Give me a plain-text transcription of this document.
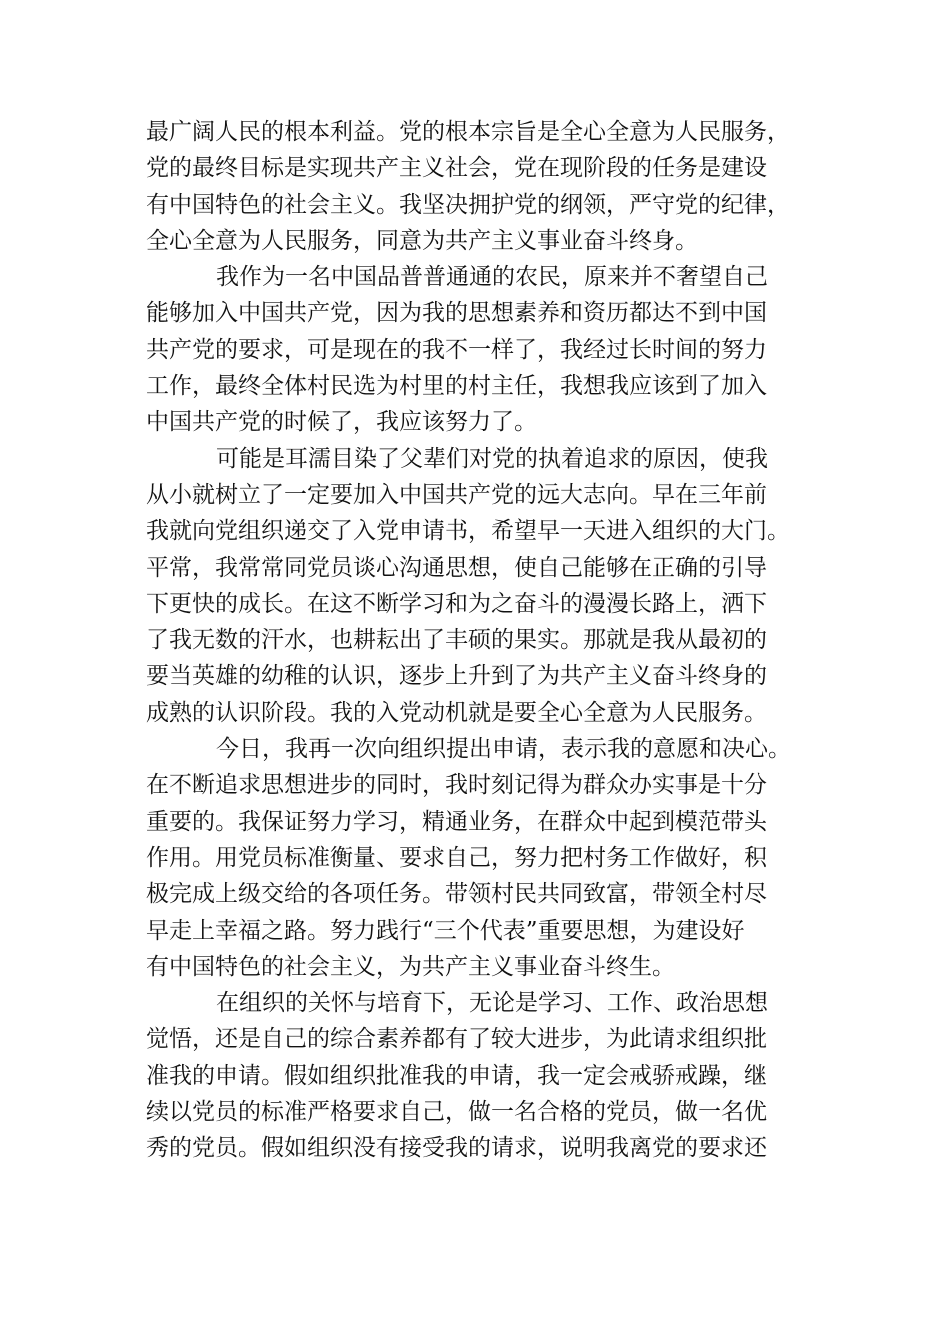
最广阔人民的根本利益。党的根本宗旨是全心全意为人民服务，
党的最终目标是实现共产主义社会，党在现阶段的任务是建设
有中国特色的社会主义。我坚决拥护党的纲领，严守党的纪律，
全心全意为人民服务，同意为共产主义事业奋斗终身。
我作为一名中国品普普通通的农民，原来并不奢望自己
能够加入中国共产党，因为我的思想素养和资历都达不到中国
共产党的要求，可是现在的我不一样了，我经过长时间的努力
工作，最终全体村民选为村里的村主任，我想我应该到了加入
中国共产党的时候了，我应该努力了。
可能是耳濡目染了父辈们对党的执着追求的原因，使我
从小就树立了一定要加入中国共产党的远大志向。早在三年前
我就向党组织递交了入党申请书，希望早一天进入组织的大门。
平常，我常常同党员谈心沟通思想，使自己能够在正确的引导
下更快的成长。在这不断学习和为之奋斗的漫漫长路上，洒下
了我无数的汗水，也耕耘出了丰硕的果实。那就是我从最初的
要当英雄的幼稚的认识，逐步上升到了为共产主义奋斗终身的
成熟的认识阶段。我的入党动机就是要全心全意为人民服务。
今日，我再一次向组织提出申请，表示我的意愿和决心。
在不断追求思想进步的同时，我时刻记得为群众办实事是十分
重要的。我保证努力学习，精通业务，在群众中起到模范带头
作用。用党员标准衡量、要求自己，努力把村务工作做好，积
极完成上级交给的各项任务。带领村民共同致富，带领全村尽
早走上幸福之路。努力践行“三个代表”重要思想，为建设好
有中国特色的社会主义，为共产主义事业奋斗终生。
在组织的关怀与培育下，无论是学习、工作、政治思想
觉悟，还是自己的综合素养都有了较大进步，为此请求组织批
准我的申请。假如组织批准我的申请，我一定会戒骄戒躁，继
续以党员的标准严格要求自己，做一名合格的党员，做一名优
秀的党员。假如组织没有接受我的请求，说明我离党的要求还
